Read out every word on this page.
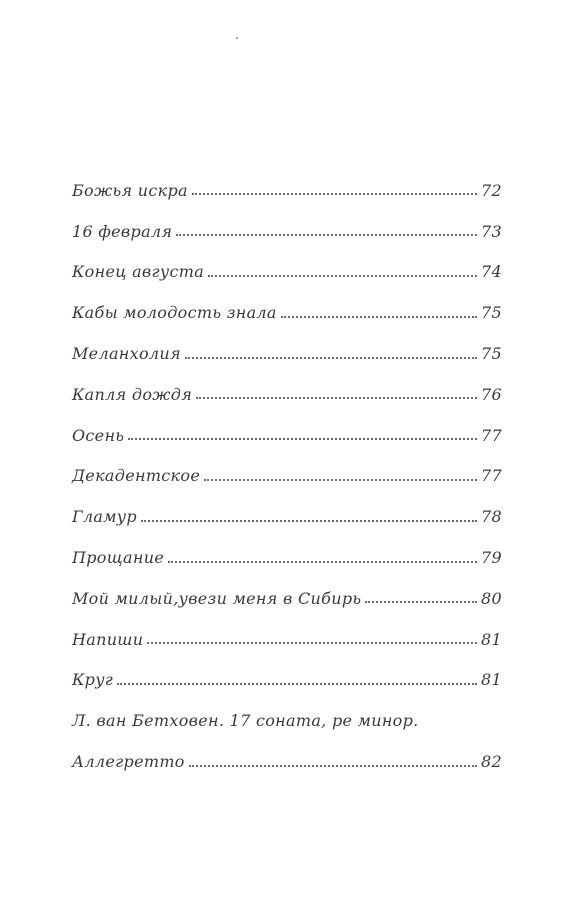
Божья искра	72
16 февраля	73
Конец августа	74
Кабы молодость знала	75
Меланхолия	75
Капля дождя	76
Осень	77
Декадентское	77
Гламур	78
Прощание	79
Мой милый,увези меня в Сибирь	80
Напиши	81
Круг	81
Л. ван Бетховен. 17 соната, ре минор.
Аллегретто	82
